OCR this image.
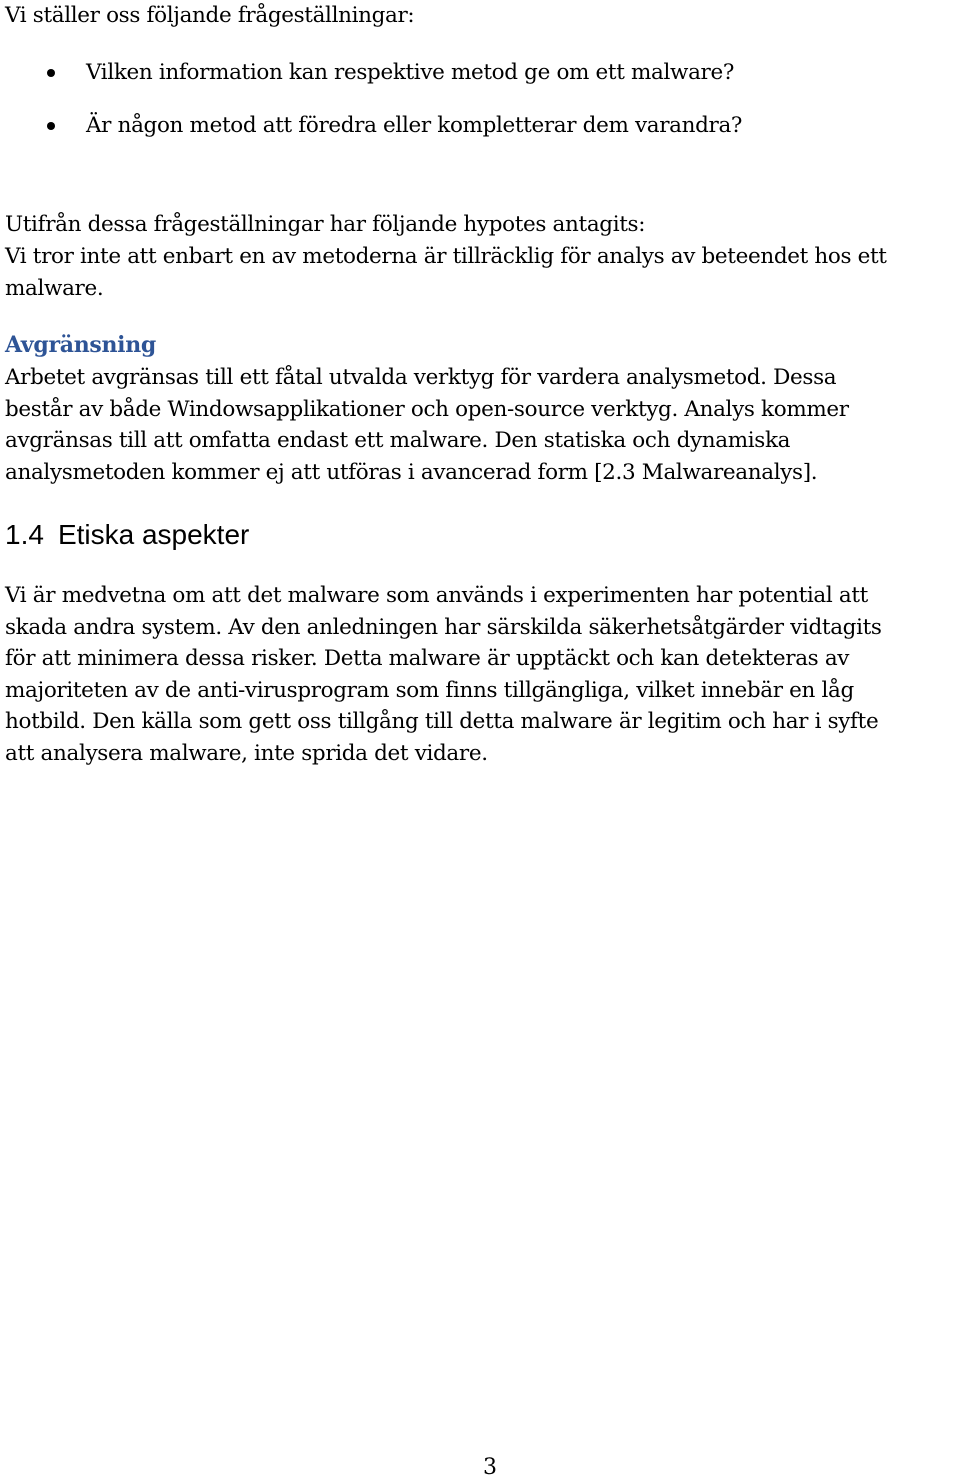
Vi ställer oss följande frågeställningar:

Vilken information kan respektive metod ge om ett malware?
Är någon metod att föredra eller kompletterar dem varandra?

Utifrån dessa frågeställningar har följande hypotes antagits:
Vi tror inte att enbart en av metoderna är tillräcklig för analys av beteendet hos ett
malware.

Avgränsning

Arbetet avgränsas till ett fåtal utvalda verktyg för vardera analysmetod. Dessa
består av både Windowsapplikationer och open-source verktyg. Analys kommer
avgränsas till att omfatta endast ett malware. Den statiska och dynamiska
analysmetoden kommer ej att utföras i avancerad form [2.3 Malwareanalys].

1.4 Etiska aspekter

Vi är medvetna om att det malware som används i experimenten har potential att
skada andra system. Av den anledningen har särskilda säkerhetsåtgärder vidtagits
för att minimera dessa risker. Detta malware är upptäckt och kan detekteras av
majoriteten av de anti-virusprogram som finns tillgängliga, vilket innebär en låg
hotbild. Den källa som gett oss tillgång till detta malware är legitim och har i syfte
att analysera malware, inte sprida det vidare.

3
